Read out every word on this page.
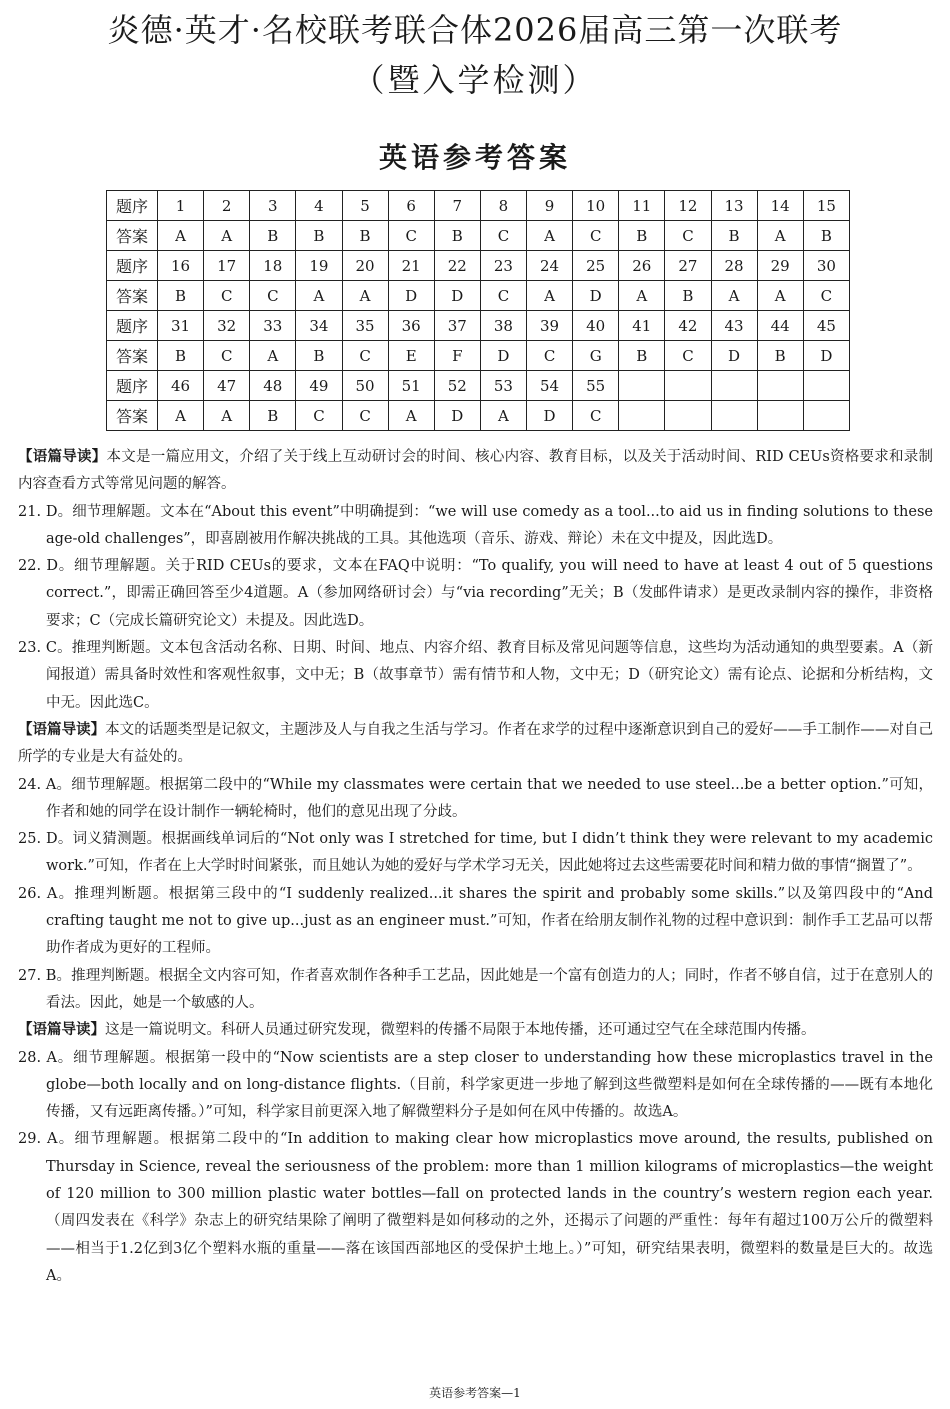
炎德·英才·名校联考联合体2026届高三第一次联考
（暨入学检测）
英语参考答案
题序	1	2	3	4	5	6	7	8	9	10	11	12	13	14	15
答案	A	A	B	B	B	C	B	C	A	C	B	C	B	A	B
题序	16	17	18	19	20	21	22	23	24	25	26	27	28	29	30
答案	B	C	C	A	A	D	D	C	A	D	A	B	A	A	C
题序	31	32	33	34	35	36	37	38	39	40	41	42	43	44	45
答案	B	C	A	B	C	E	F	D	C	G	B	C	D	B	D
题序	46	47	48	49	50	51	52	53	54	55					
答案	A	A	B	C	C	A	D	A	D	C					

【语篇导读】本文是一篇应用文，介绍了关于线上互动研讨会的时间、核心内容、教育目标，以及关于活动时间、RID CEUs资格要求和录制内容查看方式等常见问题的解答。

21. D。细节理解题。文本在“About this event”中明确提到：“we will use comedy as a tool...to aid us in finding solutions to these age-old challenges”，即喜剧被用作解决挑战的工具。其他选项（音乐、游戏、辩论）未在文中提及，因此选D。

22. D。细节理解题。关于RID CEUs的要求，文本在FAQ中说明：“To qualify, you will need to have at least 4 out of 5 questions correct.”，即需正确回答至少4道题。A（参加网络研讨会）与“via recording”无关；B（发邮件请求）是更改录制内容的操作，非资格要求；C（完成长篇研究论文）未提及。因此选D。

23. C。推理判断题。文本包含活动名称、日期、时间、地点、内容介绍、教育目标及常见问题等信息，这些均为活动通知的典型要素。A（新闻报道）需具备时效性和客观性叙事，文中无；B（故事章节）需有情节和人物，文中无；D（研究论文）需有论点、论据和分析结构，文中无。因此选C。

【语篇导读】本文的话题类型是记叙文，主题涉及人与自我之生活与学习。作者在求学的过程中逐渐意识到自己的爱好——手工制作——对自己所学的专业是大有益处的。

24. A。细节理解题。根据第二段中的“While my classmates were certain that we needed to use steel...be a better option.”可知，作者和她的同学在设计制作一辆轮椅时，他们的意见出现了分歧。

25. D。词义猜测题。根据画线单词后的“Not only was I stretched for time, but I didn’t think they were relevant to my academic work.”可知，作者在上大学时时间紧张，而且她认为她的爱好与学术学习无关，因此她将过去这些需要花时间和精力做的事情“搁置了”。

26. A。推理判断题。根据第三段中的“I suddenly realized...it shares the spirit and probably some skills.”以及第四段中的“And crafting taught me not to give up...just as an engineer must.”可知，作者在给朋友制作礼物的过程中意识到：制作手工艺品可以帮助作者成为更好的工程师。

27. B。推理判断题。根据全文内容可知，作者喜欢制作各种手工艺品，因此她是一个富有创造力的人；同时，作者不够自信，过于在意别人的看法。因此，她是一个敏感的人。

【语篇导读】这是一篇说明文。科研人员通过研究发现，微塑料的传播不局限于本地传播，还可通过空气在全球范围内传播。

28. A。细节理解题。根据第一段中的“Now scientists are a step closer to understanding how these microplastics travel in the globe—both locally and on long-distance flights.（目前，科学家更进一步地了解到这些微塑料是如何在全球传播的——既有本地化传播，又有远距离传播。）”可知，科学家目前更深入地了解微塑料分子是如何在风中传播的。故选A。

29. A。细节理解题。根据第二段中的“In addition to making clear how microplastics move around, the results, published on Thursday in Science, reveal the seriousness of the problem: more than 1 million kilograms of microplastics—the weight of 120 million to 300 million plastic water bottles—fall on protected lands in the country’s western region each year.（周四发表在《科学》杂志上的研究结果除了阐明了微塑料是如何移动的之外，还揭示了问题的严重性：每年有超过100万公斤的微塑料——相当于1.2亿到3亿个塑料水瓶的重量——落在该国西部地区的受保护土地上。）”可知，研究结果表明，微塑料的数量是巨大的。故选A。

英语参考答案—1
